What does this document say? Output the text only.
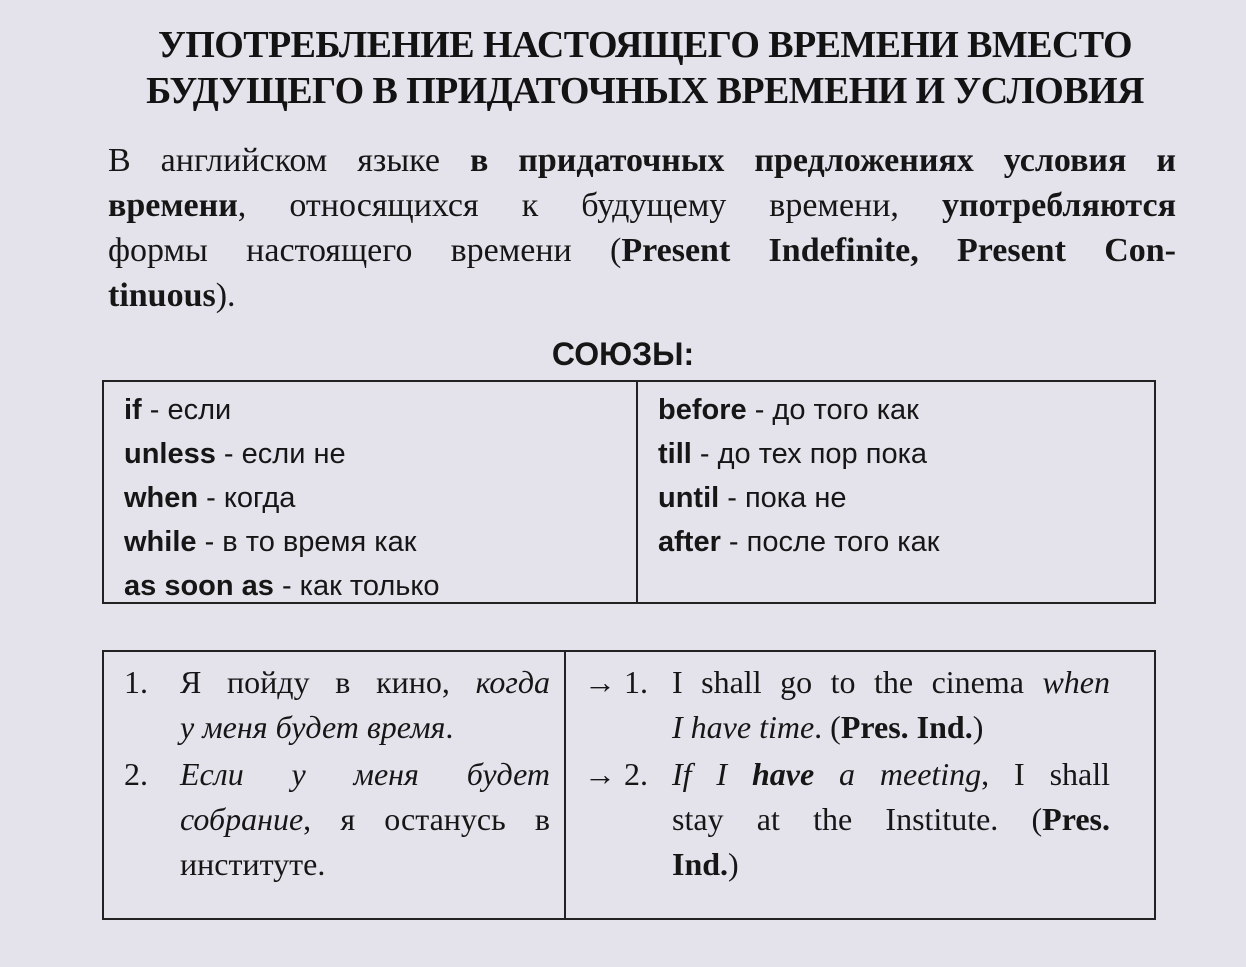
УПОТРЕБЛЕНИЕ НАСТОЯЩЕГО ВРЕМЕНИ ВМЕСТО
БУДУЩЕГО В ПРИДАТОЧНЫХ ВРЕМЕНИ И УСЛОВИЯ

В английском языке в придаточных предложениях условия и
времени, относящихся к будущему времени, употребляются
формы настоящего времени (Present Indefinite, Present Con-
tinuous).

СОЮЗЫ:
if - если
unless - если не
when - когда
while - в то время как
as soon as - как только
before - до того как
till - до тех пор пока
until - пока не
after - после того как
1.	Я пойду в кино, когда
у меня будет время.
2.	Если у меня будет
собрание, я останусь в
институте.
→ 1. I shall go to the cinema when
I have time. (Pres. Ind.)
→ 2. If I have a meeting, I shall
stay at the Institute. (Pres.
Ind.)
